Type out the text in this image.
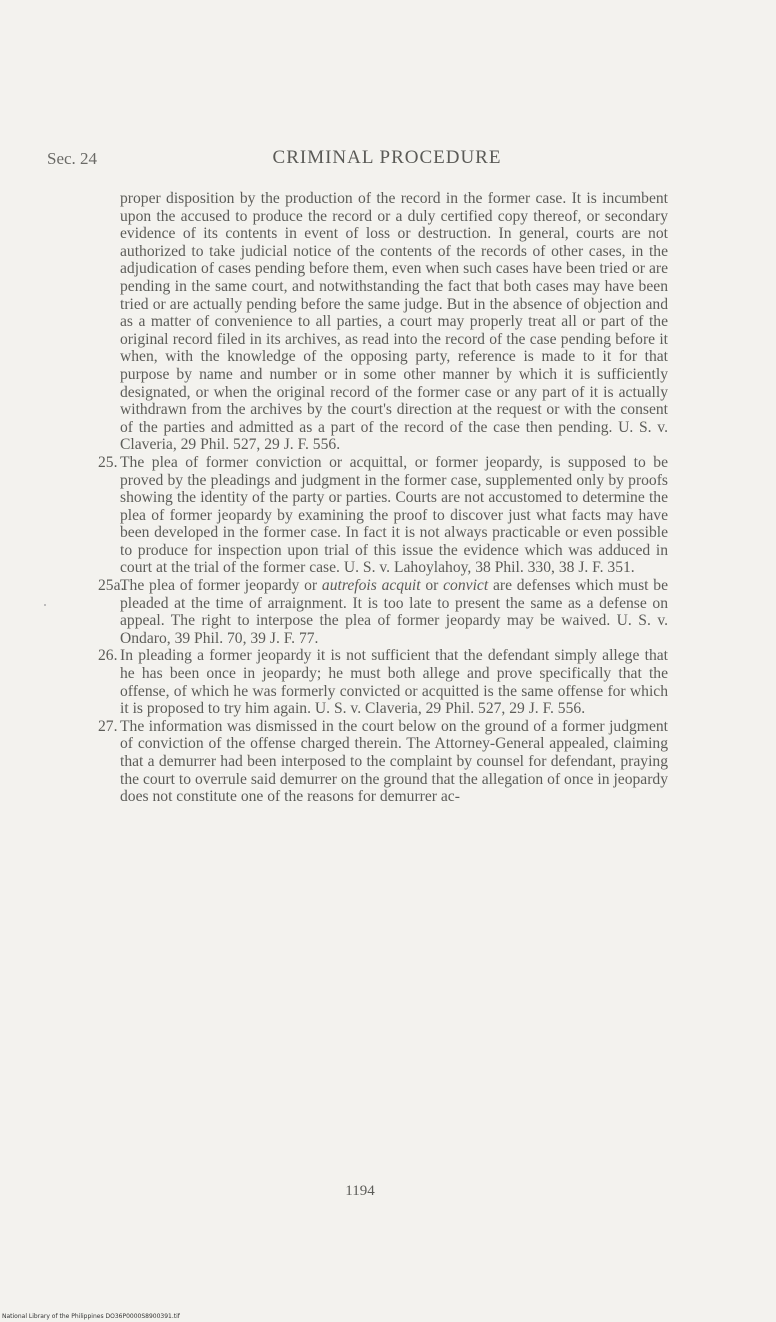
Sec. 24	CRIMINAL PROCEDURE

proper disposition by the production of the record in the former case. It is incumbent upon the accused to produce the record or a duly certified copy thereof, or secondary evidence of its contents in event of loss or destruction. In general, courts are not authorized to take judicial notice of the contents of the records of other cases, in the adjudication of cases pending before them, even when such cases have been tried or are pending in the same court, and notwithstanding the fact that both cases may have been tried or are actually pending before the same judge. But in the absence of objection and as a matter of convenience to all parties, a court may properly treat all or part of the original record filed in its archives, as read into the record of the case pending before it when, with the knowledge of the opposing party, reference is made to it for that purpose by name and number or in some other manner by which it is sufficiently designated, or when the original record of the former case or any part of it is actually withdrawn from the archives by the court's direction at the request or with the consent of the parties and admitted as a part of the record of the case then pending. U. S. v. Claveria, 29 Phil. 527, 29 J. F. 556.

25. The plea of former conviction or acquittal, or former jeopardy, is supposed to be proved by the pleadings and judgment in the former case, supplemented only by proofs showing the identity of the party or parties. Courts are not accustomed to determine the plea of former jeopardy by examining the proof to discover just what facts may have been developed in the former case. In fact it is not always practicable or even possible to produce for inspection upon trial of this issue the evidence which was adduced in court at the trial of the former case. U. S. v. Lahoylahoy, 38 Phil. 330, 38 J. F. 351.

25a.The plea of former jeopardy or autrefois acquit or convict are defenses which must be pleaded at the time of arraignment. It is too late to present the same as a defense on appeal. The right to interpose the plea of former jeopardy may be waived. U. S. v. Ondaro, 39 Phil. 70, 39 J. F. 77.

26. In pleading a former jeopardy it is not sufficient that the defendant simply allege that he has been once in jeopardy; he must both allege and prove specifically that the offense, of which he was formerly convicted or acquitted is the same offense for which it is proposed to try him again. U. S. v. Claveria, 29 Phil. 527, 29 J. F. 556.

27. The information was dismissed in the court below on the ground of a former judgment of conviction of the offense charged therein. The Attorney-General appealed, claiming that a demurrer had been interposed to the complaint by counsel for defendant, praying the court to overrule said demurrer on the ground that the allegation of once in jeopardy does not constitute one of the reasons for demurrer ac-

1194
National Library of the Philippines DO36P0000S8900391.tif
